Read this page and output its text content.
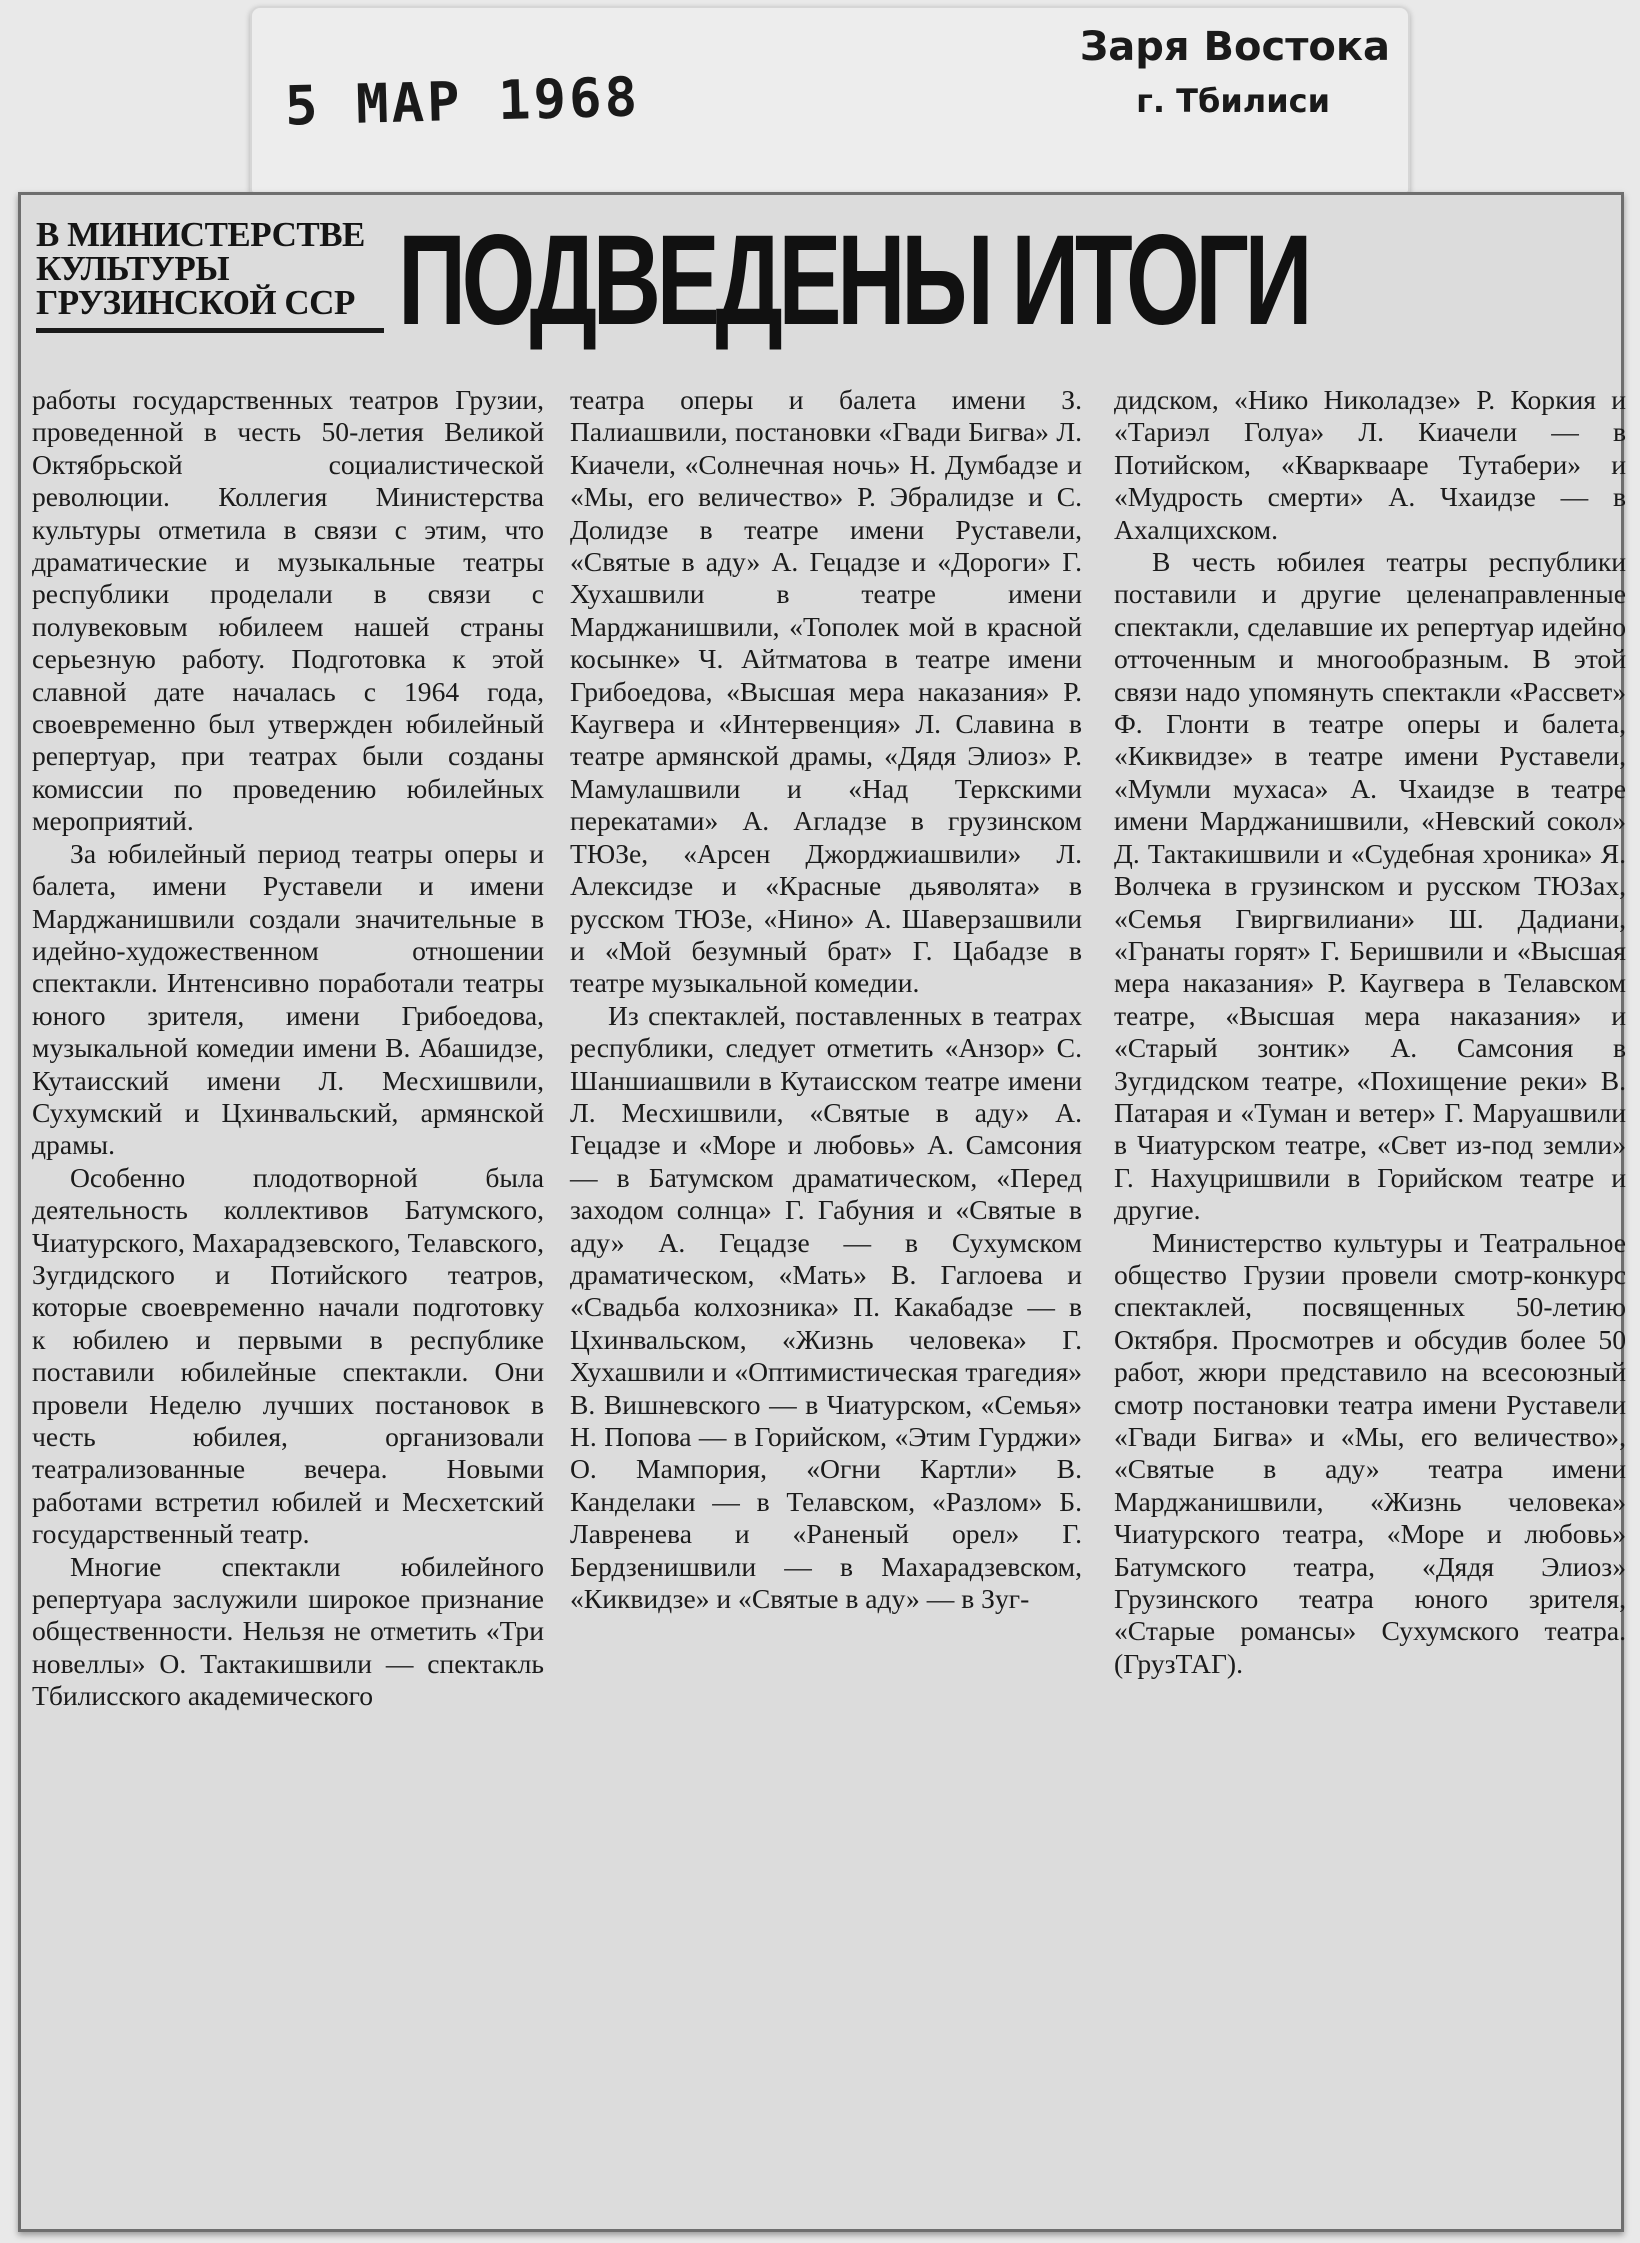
5 МАР 1968
Заря Востока
г. Тбилиси
В МИНИСТЕРСТВЕ
КУЛЬТУРЫ
ГРУЗИНСКОЙ ССР ПОДВЕДЕНЫ ИТОГИ

работы государственных театров Грузии, проведенной в честь 50-летия Великой Октябрьской социалистической революции. Коллегия Министерства культуры отметила в связи с этим, что драматические и музыкальные театры республики проделали в связи с полувековым юбилеем нашей страны серьезную работу. Подготовка к этой славной дате началась с 1964 года, своевременно был утвержден юбилейный репертуар, при театрах были созданы комиссии по проведению юбилейных мероприятий.

За юбилейный период театры оперы и балета, имени Руставели и имени Марджанишвили создали значительные в идейно-художественном отношении спектакли. Интенсивно поработали театры юного зрителя, имени Грибоедова, музыкальной комедии имени В. Абашидзе, Кутаисский имени Л. Месхишвили, Сухумский и Цхинвальский, армянской драмы.

Особенно плодотворной была деятельность коллективов Батумского, Чиатурского, Махарадзевского, Телавского, Зугдидского и Потийского театров, которые своевременно начали подготовку к юбилею и первыми в республике поставили юбилейные спектакли. Они провели Неделю лучших постановок в честь юбилея, организовали театрализованные вечера. Новыми работами встретил юбилей и Месхетский государственный театр.

Многие спектакли юбилейного репертуара заслужили широкое признание общественности. Нельзя не отметить «Три новеллы» О. Тактакишвили — спектакль Тбилисского академического

театра оперы и балета имени З. Палиашвили, постановки «Гвади Бигва» Л. Киачели, «Солнечная ночь» Н. Думбадзе и «Мы, его величество» Р. Эбралидзе и С. Долидзе в театре имени Руставели, «Святые в аду» А. Гецадзе и «Дороги» Г. Хухашвили в театре имени Марджанишвили, «Тополек мой в красной косынке» Ч. Айтматова в театре имени Грибоедова, «Высшая мера наказания» Р. Каугвера и «Интервенция» Л. Славина в театре армянской драмы, «Дядя Элиоз» Р. Мамулашвили и «Над Теркскими перекатами» А. Агладзе в грузинском ТЮЗе, «Арсен Джорджиашвили» Л. Алексидзе и «Красные дьяволята» в русском ТЮЗе, «Нино» А. Шаверзашвили и «Мой безумный брат» Г. Цабадзе в театре музыкальной комедии.

Из спектаклей, поставленных в театрах республики, следует отметить «Анзор» С. Шаншиашвили в Кутаисском театре имени Л. Месхишвили, «Святые в аду» А. Гецадзе и «Море и любовь» А. Самсония — в Батумском драматическом, «Перед заходом солнца» Г. Габуния и «Святые в аду» А. Гецадзе — в Сухумском драматическом, «Мать» В. Гаглоева и «Свадьба колхозника» П. Какабадзе — в Цхинвальском, «Жизнь человека» Г. Хухашвили и «Оптимистическая трагедия» В. Вишневского — в Чиатурском, «Семья» Н. Попова — в Горийском, «Этим Гурджи» О. Мампория, «Огни Картли» В. Канделаки — в Телавском, «Разлом» Б. Лавренева и «Раненый орел» Г. Бердзенишвили — в Махарадзевском, «Киквидзе» и «Святые в аду» — в Зуг-

дидском, «Нико Николадзе» Р. Коркия и «Тариэл Голуа» Л. Киачели — в Потийском, «Кварквааре Тутабери» и «Мудрость смерти» А. Чхаидзе — в Ахалцихском.

В честь юбилея театры республики поставили и другие целенаправленные спектакли, сделавшие их репертуар идейно отточенным и многообразным. В этой связи надо упомянуть спектакли «Рассвет» Ф. Глонти в театре оперы и балета, «Киквидзе» в театре имени Руставели, «Мумли мухаса» А. Чхаидзе в театре имени Марджанишвили, «Невский сокол» Д. Тактакишвили и «Судебная хроника» Я. Волчека в грузинском и русском ТЮЗах, «Семья Гвиргвилиани» Ш. Дадиани, «Гранаты горят» Г. Беришвили и «Высшая мера наказания» Р. Каугвера в Телавском театре, «Высшая мера наказания» и «Старый зонтик» А. Самсония в Зугдидском театре, «Похищение реки» В. Патарая и «Туман и ветер» Г. Маруашвили в Чиатурском театре, «Свет из-под земли» Г. Нахуцришвили в Горийском театре и другие.

Министерство культуры и Театральное общество Грузии провели смотр-конкурс спектаклей, посвященных 50-летию Октября. Просмотрев и обсудив более 50 работ, жюри представило на всесоюзный смотр постановки театра имени Руставели «Гвади Бигва» и «Мы, его величество», «Святые в аду» театра имени Марджанишвили, «Жизнь человека» Чиатурского театра, «Море и любовь» Батумского театра, «Дядя Элиоз» Грузинского театра юного зрителя, «Старые романсы» Сухумского театра. (ГрузТАГ).
